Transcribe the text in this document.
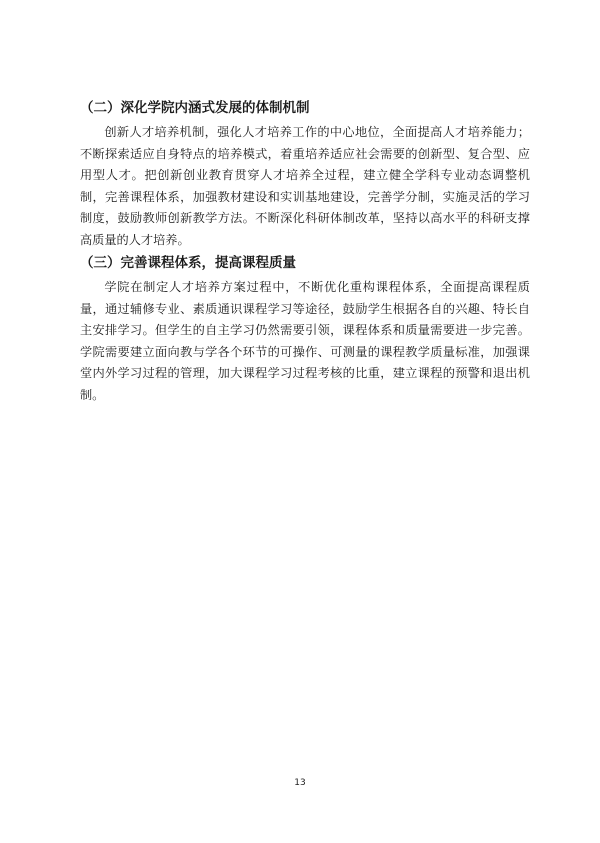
（二）深化学院内涵式发展的体制机制

创新人才培养机制，强化人才培养工作的中心地位，全面提高人才培养能力；不断探索适应自身特点的培养模式，着重培养适应社会需要的创新型、复合型、应用型人才。把创新创业教育贯穿人才培养全过程，建立健全学科专业动态调整机制，完善课程体系，加强教材建设和实训基地建设，完善学分制，实施灵活的学习制度，鼓励教师创新教学方法。不断深化科研体制改革，坚持以高水平的科研支撑高质量的人才培养。

（三）完善课程体系，提高课程质量

学院在制定人才培养方案过程中，不断优化重构课程体系，全面提高课程质量，通过辅修专业、素质通识课程学习等途径，鼓励学生根据各自的兴趣、特长自主安排学习。但学生的自主学习仍然需要引领，课程体系和质量需要进一步完善。学院需要建立面向教与学各个环节的可操作、可测量的课程教学质量标准，加强课堂内外学习过程的管理，加大课程学习过程考核的比重，建立课程的预警和退出机制。

13
